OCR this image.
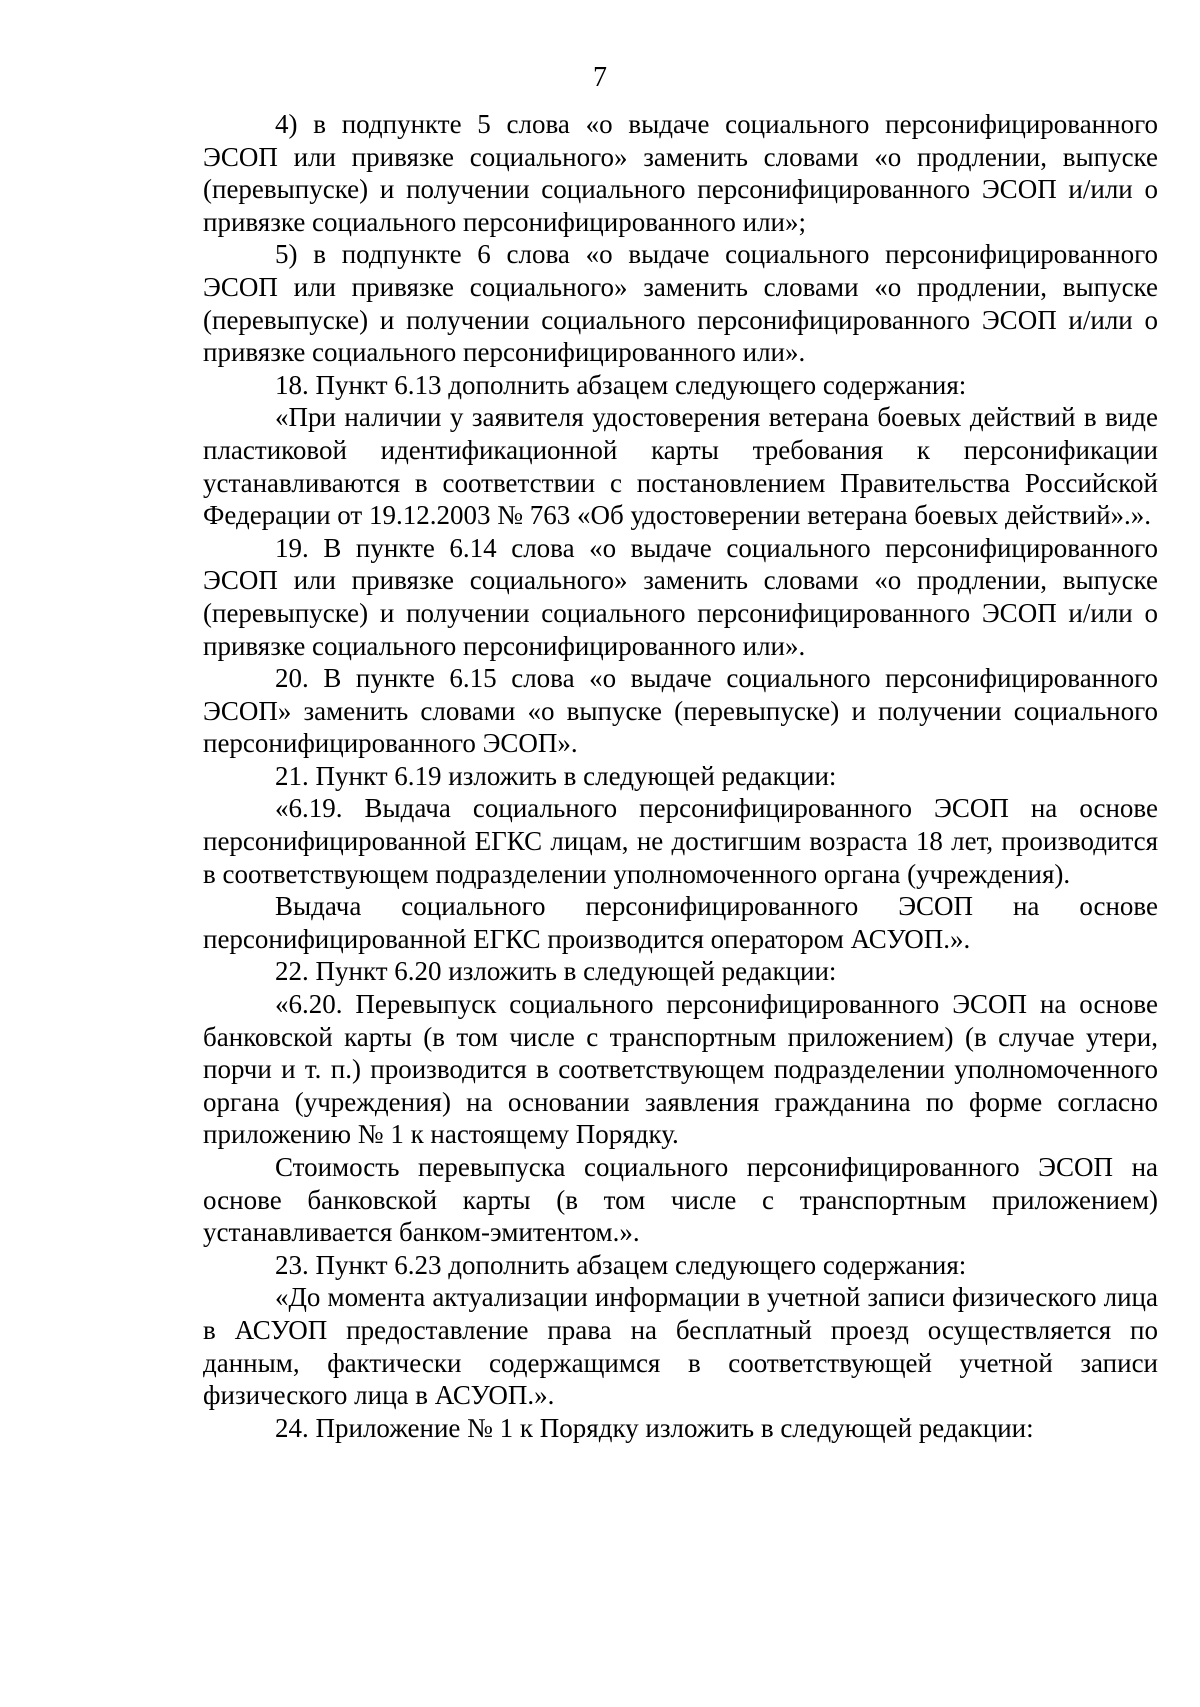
7

4) в подпункте 5 слова «о выдаче социального персонифицированного ЭСОП или привязке социального» заменить словами «о продлении, выпуске (перевыпуске) и получении социального персонифицированного ЭСОП и/или о привязке социального персонифицированного или»;

5) в подпункте 6 слова «о выдаче социального персонифицированного ЭСОП или привязке социального» заменить словами «о продлении, выпуске (перевыпуске) и получении социального персонифицированного ЭСОП и/или о привязке социального персонифицированного или».

18. Пункт 6.13 дополнить абзацем следующего содержания:

«При наличии у заявителя удостоверения ветерана боевых действий в виде пластиковой идентификационной карты требования к персонификации устанавливаются в соответствии с постановлением Правительства Российской Федерации от 19.12.2003 № 763 «Об удостоверении ветерана боевых действий».».

19. В пункте 6.14 слова «о выдаче социального персонифицированного ЭСОП или привязке социального» заменить словами «о продлении, выпуске (перевыпуске) и получении социального персонифицированного ЭСОП и/или о привязке социального персонифицированного или».

20. В пункте 6.15 слова «о выдаче социального персонифицированного ЭСОП» заменить словами «о выпуске (перевыпуске) и получении социального персонифицированного ЭСОП».

21. Пункт 6.19 изложить в следующей редакции:

«6.19. Выдача социального персонифицированного ЭСОП на основе персонифицированной ЕГКС лицам, не достигшим возраста 18 лет, производится в соответствующем подразделении уполномоченного органа (учреждения).

Выдача социального персонифицированного ЭСОП на основе персонифицированной ЕГКС производится оператором АСУОП.».

22. Пункт 6.20 изложить в следующей редакции:

«6.20. Перевыпуск социального персонифицированного ЭСОП на основе банковской карты (в том числе с транспортным приложением) (в случае утери, порчи и т. п.) производится в соответствующем подразделении уполномоченного органа (учреждения) на основании заявления гражданина по форме согласно приложению № 1 к настоящему Порядку.

Стоимость перевыпуска социального персонифицированного ЭСОП на основе банковской карты (в том числе с транспортным приложением) устанавливается банком-эмитентом.».

23. Пункт 6.23 дополнить абзацем следующего содержания:

«До момента актуализации информации в учетной записи физического лица в АСУОП предоставление права на бесплатный проезд осуществляется по данным, фактически содержащимся в соответствующей учетной записи физического лица в АСУОП.».

24. Приложение № 1 к Порядку изложить в следующей редакции:
